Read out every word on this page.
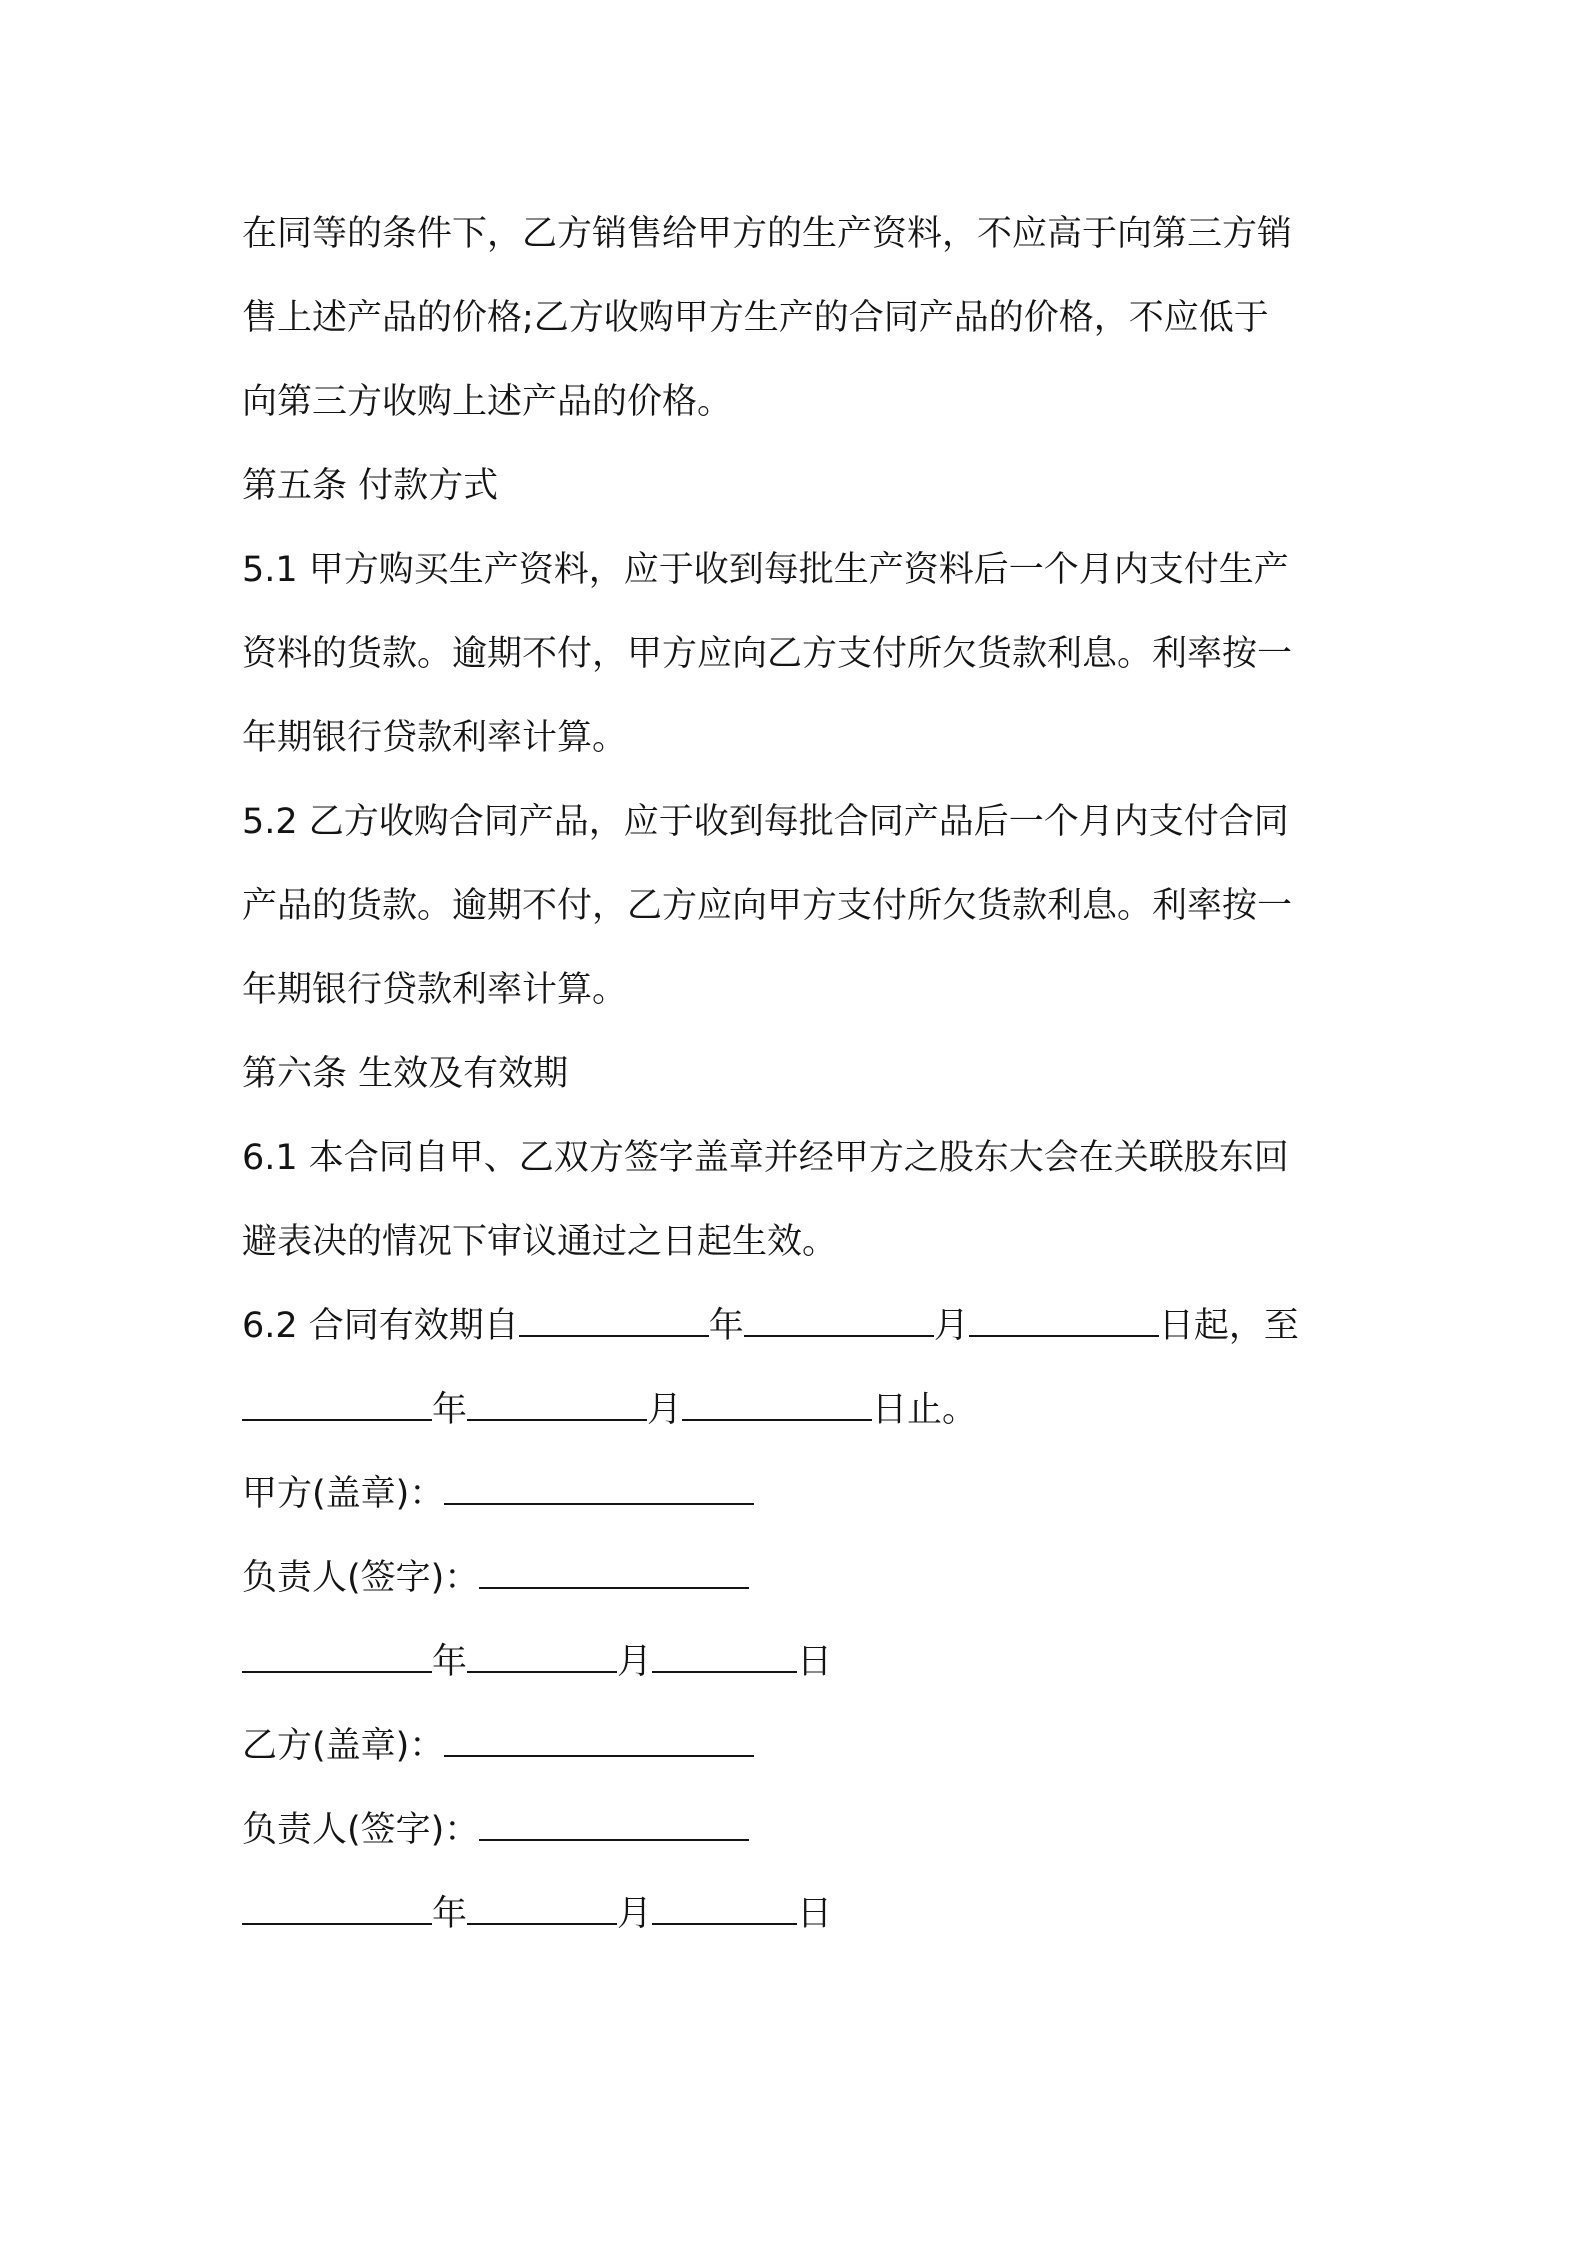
在同等的条件下，乙方销售给甲方的生产资料，不应高于向第三方销

售上述产品的价格;乙方收购甲方生产的合同产品的价格，不应低于

向第三方收购上述产品的价格。

第五条 付款方式

5.1 甲方购买生产资料，应于收到每批生产资料后一个月内支付生产

资料的货款。逾期不付，甲方应向乙方支付所欠货款利息。利率按一

年期银行贷款利率计算。

5.2 乙方收购合同产品，应于收到每批合同产品后一个月内支付合同

产品的货款。逾期不付，乙方应向甲方支付所欠货款利息。利率按一

年期银行贷款利率计算。

第六条 生效及有效期

6.1 本合同自甲、乙双方签字盖章并经甲方之股东大会在关联股东回

避表决的情况下审议通过之日起生效。

6.2 合同有效期自	年	月	日起，至

年	月	日止。

甲方(盖章)：

负责人(签字)：

年	月	日

乙方(盖章)：

负责人(签字)：

年	月	日
